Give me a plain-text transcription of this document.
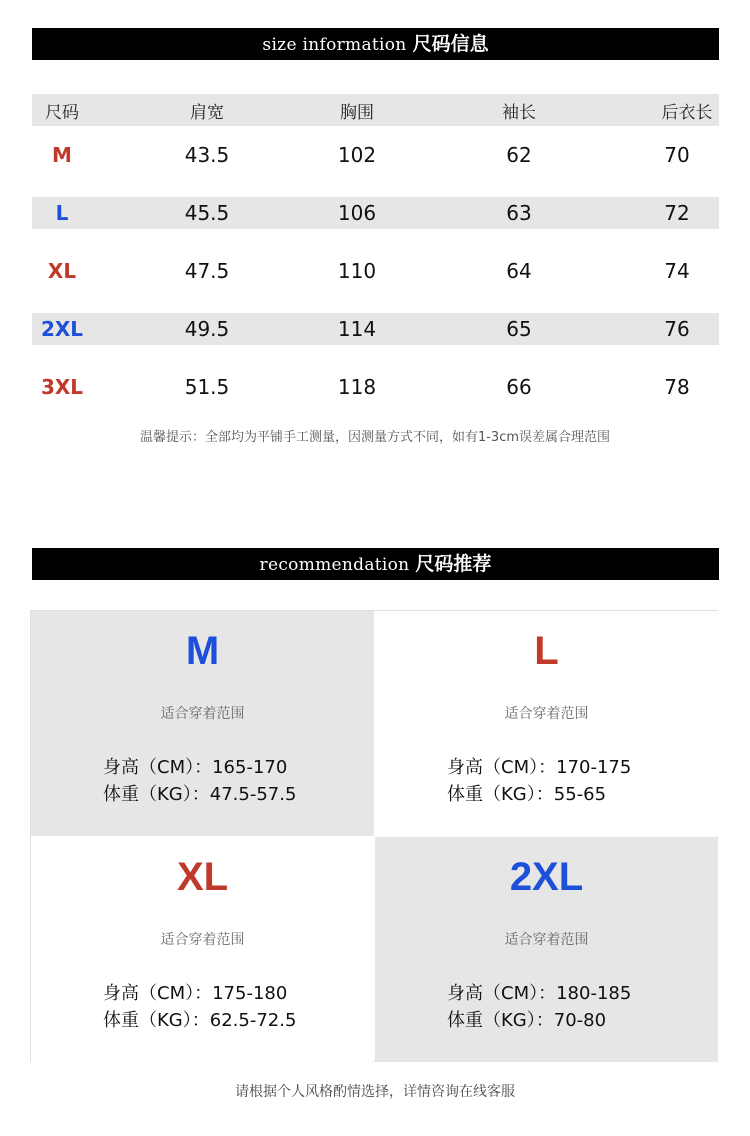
size information 尺码信息
尺码	肩宽	胸围	袖长	后衣长
M	43.5	102	62	70
L	45.5	106	63	72
XL	47.5	110	64	74
2XL	49.5	114	65	76
3XL	51.5	118	66	78
温馨提示：全部均为平铺手工测量，因测量方式不同，如有1-3cm误差属合理范围
recommendation 尺码推荐
M
适合穿着范围
身高（CM）：165-170
体重（KG）：47.5-57.5
L
适合穿着范围
身高（CM）：170-175
体重（KG）：55-65
XL
适合穿着范围
身高（CM）：175-180
体重（KG）：62.5-72.5
2XL
适合穿着范围
身高（CM）：180-185
体重（KG）：70-80
请根据个人风格酌情选择，详情咨询在线客服
